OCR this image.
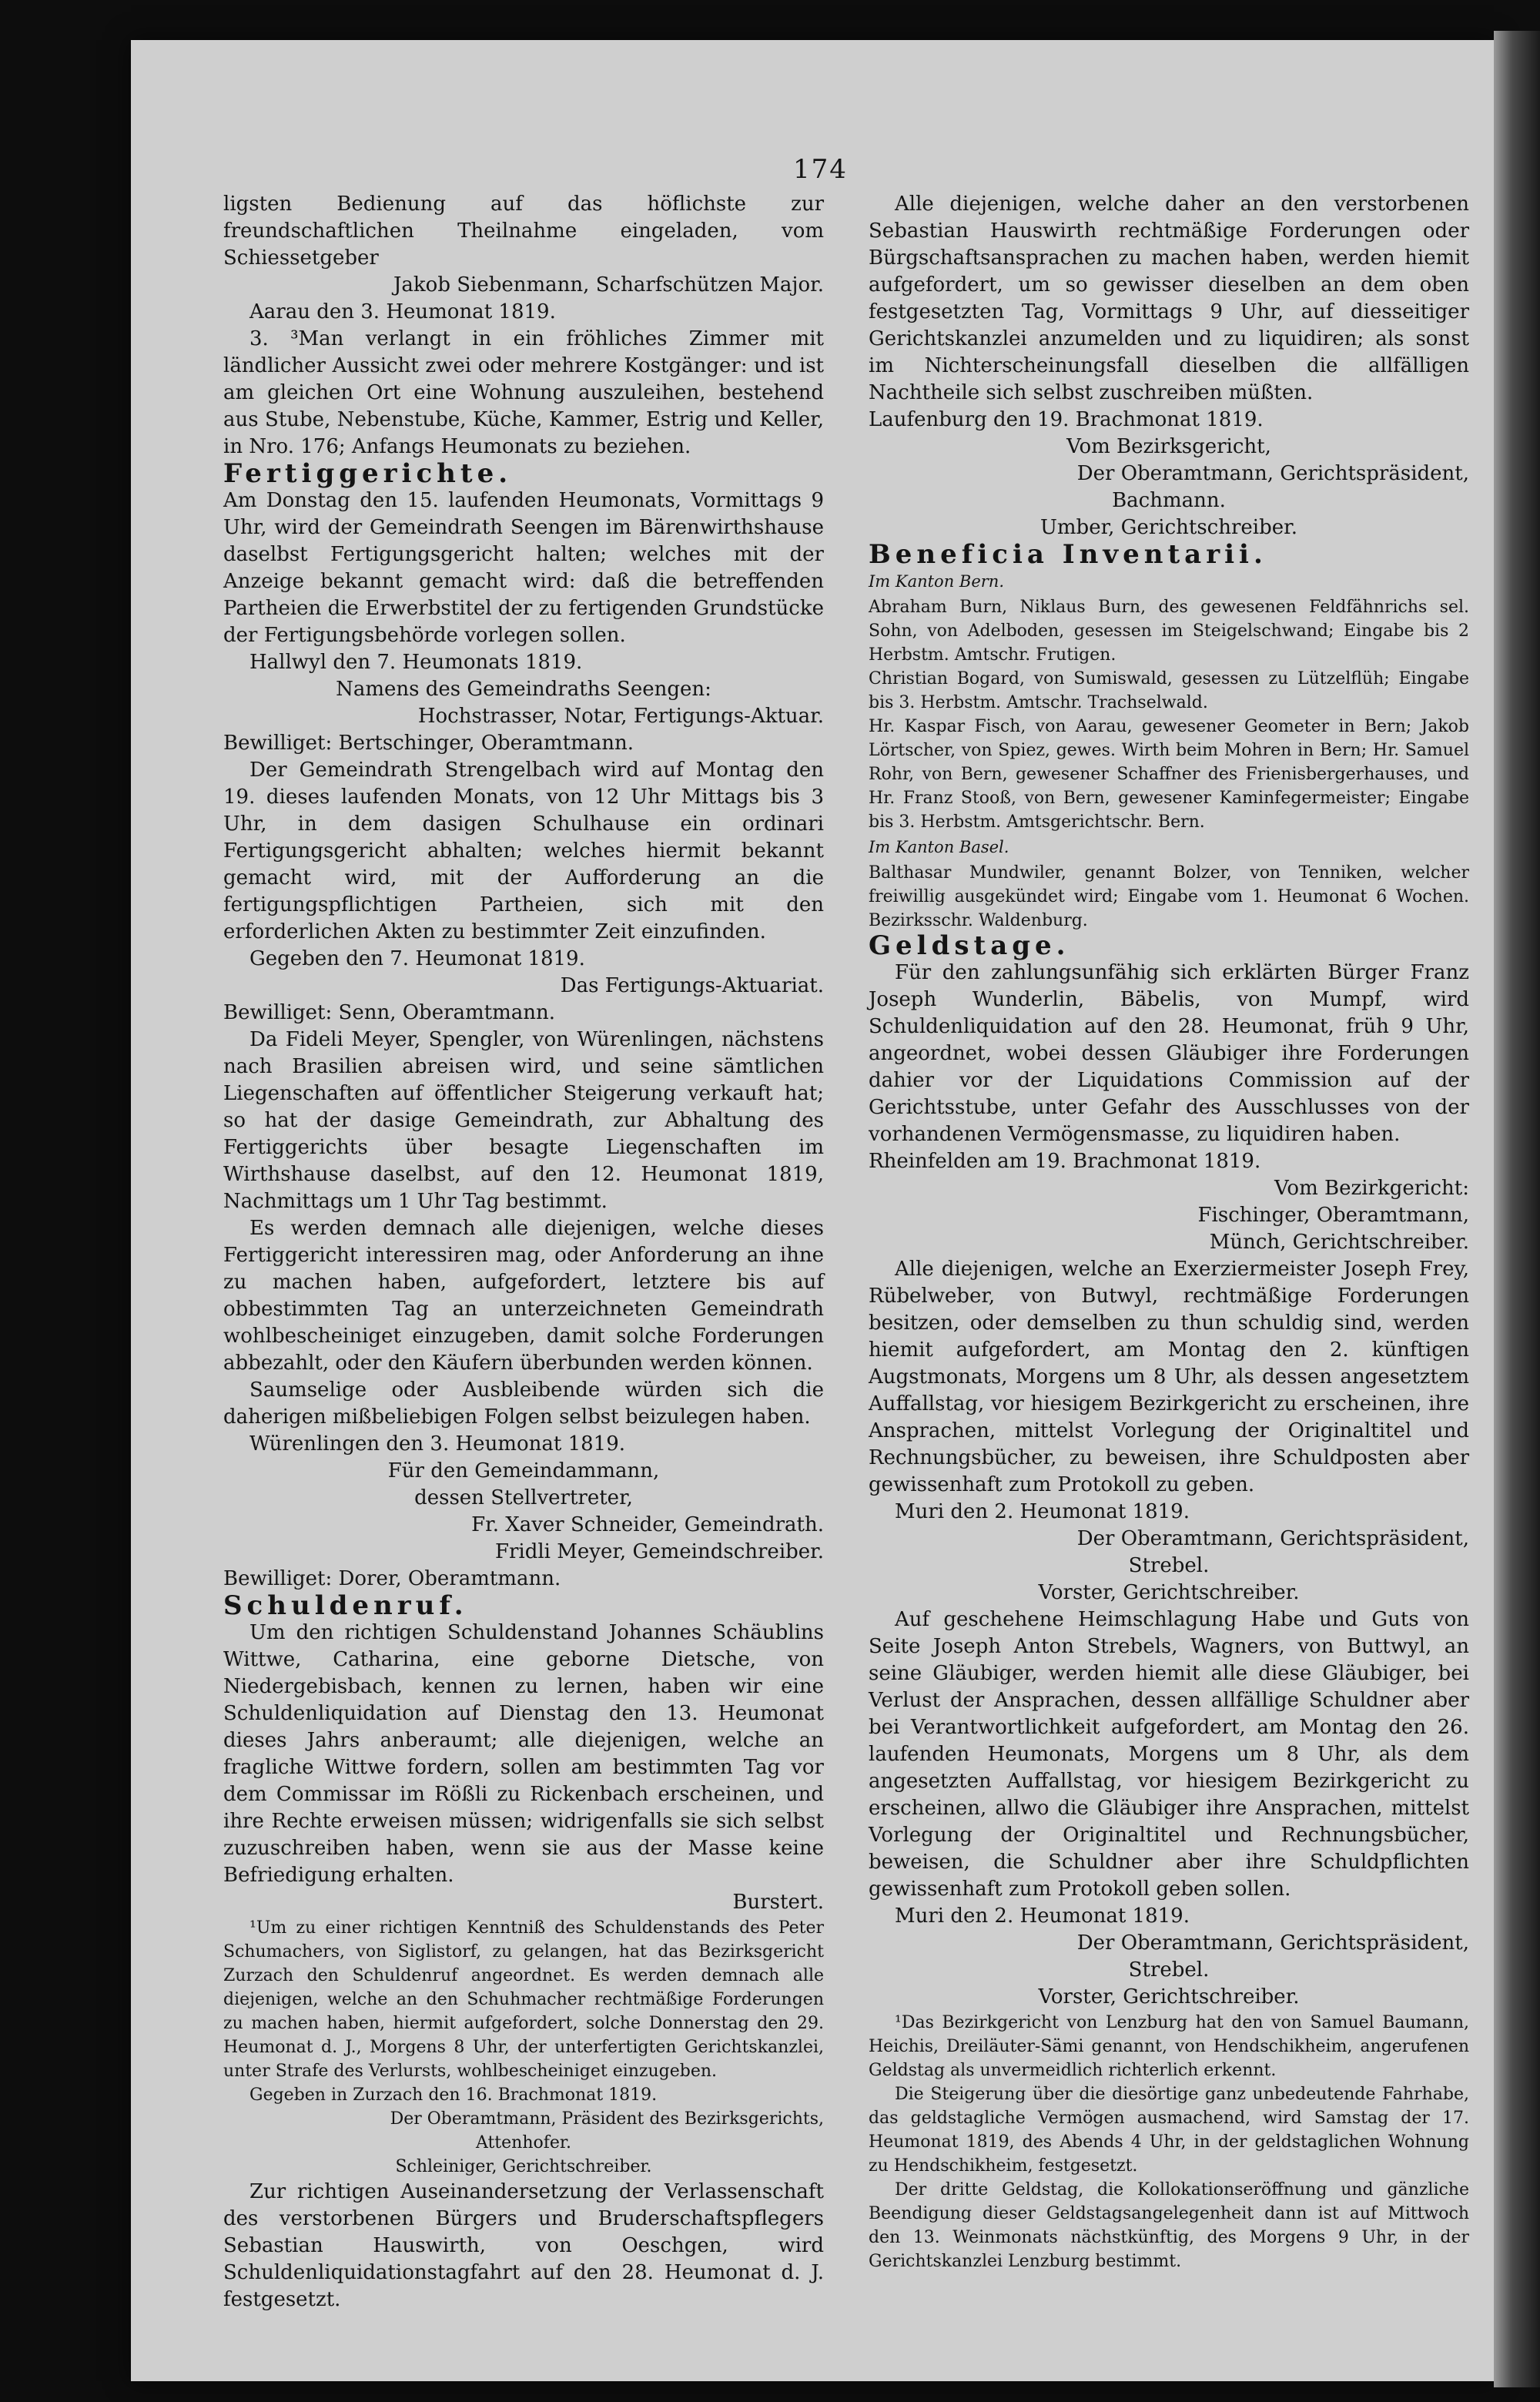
174

ligsten Bedienung auf das höflichste zur freundschaftlichen Theilnahme eingeladen, vom Schiessetgeber

Jakob Siebenmann, Scharfschützen Major.

Aarau den 3. Heumonat 1819.

3. ³Man verlangt in ein fröhliches Zimmer mit ländlicher Aussicht zwei oder mehrere Kostgänger: und ist am gleichen Ort eine Wohnung auszuleihen, bestehend aus Stube, Nebenstube, Küche, Kammer, Estrig und Keller, in Nro. 176; Anfangs Heumonats zu beziehen.

Fertiggerichte.

Am Donstag den 15. laufenden Heumonats, Vormittags 9 Uhr, wird der Gemeindrath Seengen im Bärenwirthshause daselbst Fertigungsgericht halten; welches mit der Anzeige bekannt gemacht wird: daß die betreffenden Partheien die Erwerbstitel der zu fertigenden Grundstücke der Fertigungsbehörde vorlegen sollen.

Hallwyl den 7. Heumonats 1819.

Namens des Gemeindraths Seengen:

Hochstrasser, Notar, Fertigungs-Aktuar.

Bewilliget: Bertschinger, Oberamtmann.

Der Gemeindrath Strengelbach wird auf Montag den 19. dieses laufenden Monats, von 12 Uhr Mittags bis 3 Uhr, in dem dasigen Schulhause ein ordinari Fertigungsgericht abhalten; welches hiermit bekannt gemacht wird, mit der Aufforderung an die fertigungspflichtigen Partheien, sich mit den erforderlichen Akten zu bestimmter Zeit einzufinden.

Gegeben den 7. Heumonat 1819.

Das Fertigungs-Aktuariat.

Bewilliget: Senn, Oberamtmann.

Da Fideli Meyer, Spengler, von Würenlingen, nächstens nach Brasilien abreisen wird, und seine sämtlichen Liegenschaften auf öffentlicher Steigerung verkauft hat; so hat der dasige Gemeindrath, zur Abhaltung des Fertiggerichts über besagte Liegenschaften im Wirthshause daselbst, auf den 12. Heumonat 1819, Nachmittags um 1 Uhr Tag bestimmt.

Es werden demnach alle diejenigen, welche dieses Fertiggericht interessiren mag, oder Anforderung an ihne zu machen haben, aufgefordert, letztere bis auf obbestimmten Tag an unterzeichneten Gemeindrath wohlbescheiniget einzugeben, damit solche Forderungen abbezahlt, oder den Käufern überbunden werden können.

Saumselige oder Ausbleibende würden sich die daherigen mißbeliebigen Folgen selbst beizulegen haben.

Würenlingen den 3. Heumonat 1819.

Für den Gemeindammann,

dessen Stellvertreter,

Fr. Xaver Schneider, Gemeindrath.

Fridli Meyer, Gemeindschreiber.

Bewilliget: Dorer, Oberamtmann.

Schuldenruf.

Um den richtigen Schuldenstand Johannes Schäublins Wittwe, Catharina, eine geborne Dietsche, von Niedergebisbach, kennen zu lernen, haben wir eine Schuldenliquidation auf Dienstag den 13. Heumonat dieses Jahrs anberaumt; alle diejenigen, welche an fragliche Wittwe fordern, sollen am bestimmten Tag vor dem Commissar im Rößli zu Rickenbach erscheinen, und ihre Rechte erweisen müssen; widrigenfalls sie sich selbst zuzuschreiben haben, wenn sie aus der Masse keine Befriedigung erhalten.

Burstert.

¹Um zu einer richtigen Kenntniß des Schuldenstands des Peter Schumachers, von Siglistorf, zu gelangen, hat das Bezirksgericht Zurzach den Schuldenruf angeordnet. Es werden demnach alle diejenigen, welche an den Schuhmacher rechtmäßige Forderungen zu machen haben, hiermit aufgefordert, solche Donnerstag den 29. Heumonat d. J., Morgens 8 Uhr, der unterfertigten Gerichtskanzlei, unter Strafe des Verlursts, wohlbescheiniget einzugeben.

Gegeben in Zurzach den 16. Brachmonat 1819.

Der Oberamtmann, Präsident des Bezirksgerichts,

Attenhofer.

Schleiniger, Gerichtschreiber.

Zur richtigen Auseinandersetzung der Verlassenschaft des verstorbenen Bürgers und Bruderschaftspflegers Sebastian Hauswirth, von Oeschgen, wird Schuldenliquidationstagfahrt auf den 28. Heumonat d. J. festgesetzt.

Alle diejenigen, welche daher an den verstorbenen Sebastian Hauswirth rechtmäßige Forderungen oder Bürgschaftsansprachen zu machen haben, werden hiemit aufgefordert, um so gewisser dieselben an dem oben festgesetzten Tag, Vormittags 9 Uhr, auf diesseitiger Gerichtskanzlei anzumelden und zu liquidiren; als sonst im Nichterscheinungsfall dieselben die allfälligen Nachtheile sich selbst zuschreiben müßten.

Laufenburg den 19. Brachmonat 1819.

Vom Bezirksgericht,

Der Oberamtmann, Gerichtspräsident,

Bachmann.

Umber, Gerichtschreiber.

Beneficia Inventarii.

Im Kanton Bern.

Abraham Burn, Niklaus Burn, des gewesenen Feldfähnrichs sel. Sohn, von Adelboden, gesessen im Steigelschwand; Eingabe bis 2 Herbstm. Amtschr. Frutigen.

Christian Bogard, von Sumiswald, gesessen zu Lützelflüh; Eingabe bis 3. Herbstm. Amtschr. Trachselwald.

Hr. Kaspar Fisch, von Aarau, gewesener Geometer in Bern; Jakob Lörtscher, von Spiez, gewes. Wirth beim Mohren in Bern; Hr. Samuel Rohr, von Bern, gewesener Schaffner des Frienisbergerhauses, und Hr. Franz Stooß, von Bern, gewesener Kaminfegermeister; Eingabe bis 3. Herbstm. Amtsgerichtschr. Bern.

Im Kanton Basel.

Balthasar Mundwiler, genannt Bolzer, von Tenniken, welcher freiwillig ausgekündet wird; Eingabe vom 1. Heumonat 6 Wochen. Bezirksschr. Waldenburg.

Geldstage.

Für den zahlungsunfähig sich erklärten Bürger Franz Joseph Wunderlin, Bäbelis, von Mumpf, wird Schuldenliquidation auf den 28. Heumonat, früh 9 Uhr, angeordnet, wobei dessen Gläubiger ihre Forderungen dahier vor der Liquidations Commission auf der Gerichtsstube, unter Gefahr des Ausschlusses von der vorhandenen Vermögensmasse, zu liquidiren haben.

Rheinfelden am 19. Brachmonat 1819.

Vom Bezirkgericht:

Fischinger, Oberamtmann,

Münch, Gerichtschreiber.

Alle diejenigen, welche an Exerziermeister Joseph Frey, Rübelweber, von Butwyl, rechtmäßige Forderungen besitzen, oder demselben zu thun schuldig sind, werden hiemit aufgefordert, am Montag den 2. künftigen Augstmonats, Morgens um 8 Uhr, als dessen angesetztem Auffallstag, vor hiesigem Bezirkgericht zu erscheinen, ihre Ansprachen, mittelst Vorlegung der Originaltitel und Rechnungsbücher, zu beweisen, ihre Schuldposten aber gewissenhaft zum Protokoll zu geben.

Muri den 2. Heumonat 1819.

Der Oberamtmann, Gerichtspräsident,

Strebel.

Vorster, Gerichtschreiber.

Auf geschehene Heimschlagung Habe und Guts von Seite Joseph Anton Strebels, Wagners, von Buttwyl, an seine Gläubiger, werden hiemit alle diese Gläubiger, bei Verlust der Ansprachen, dessen allfällige Schuldner aber bei Verantwortlichkeit aufgefordert, am Montag den 26. laufenden Heumonats, Morgens um 8 Uhr, als dem angesetzten Auffallstag, vor hiesigem Bezirkgericht zu erscheinen, allwo die Gläubiger ihre Ansprachen, mittelst Vorlegung der Originaltitel und Rechnungsbücher, beweisen, die Schuldner aber ihre Schuldpflichten gewissenhaft zum Protokoll geben sollen.

Muri den 2. Heumonat 1819.

Der Oberamtmann, Gerichtspräsident,

Strebel.

Vorster, Gerichtschreiber.

¹Das Bezirkgericht von Lenzburg hat den von Samuel Baumann, Heichis, Dreiläuter-Sämi genannt, von Hendschikheim, angerufenen Geldstag als unvermeidlich richterlich erkennt.

Die Steigerung über die diesörtige ganz unbedeutende Fahrhabe, das geldstagliche Vermögen ausmachend, wird Samstag der 17. Heumonat 1819, des Abends 4 Uhr, in der geldstaglichen Wohnung zu Hendschikheim, festgesetzt.

Der dritte Geldstag, die Kollokationseröffnung und gänzliche Beendigung dieser Geldstagsangelegenheit dann ist auf Mittwoch den 13. Weinmonats nächstkünftig, des Morgens 9 Uhr, in der Gerichtskanzlei Lenzburg bestimmt.
